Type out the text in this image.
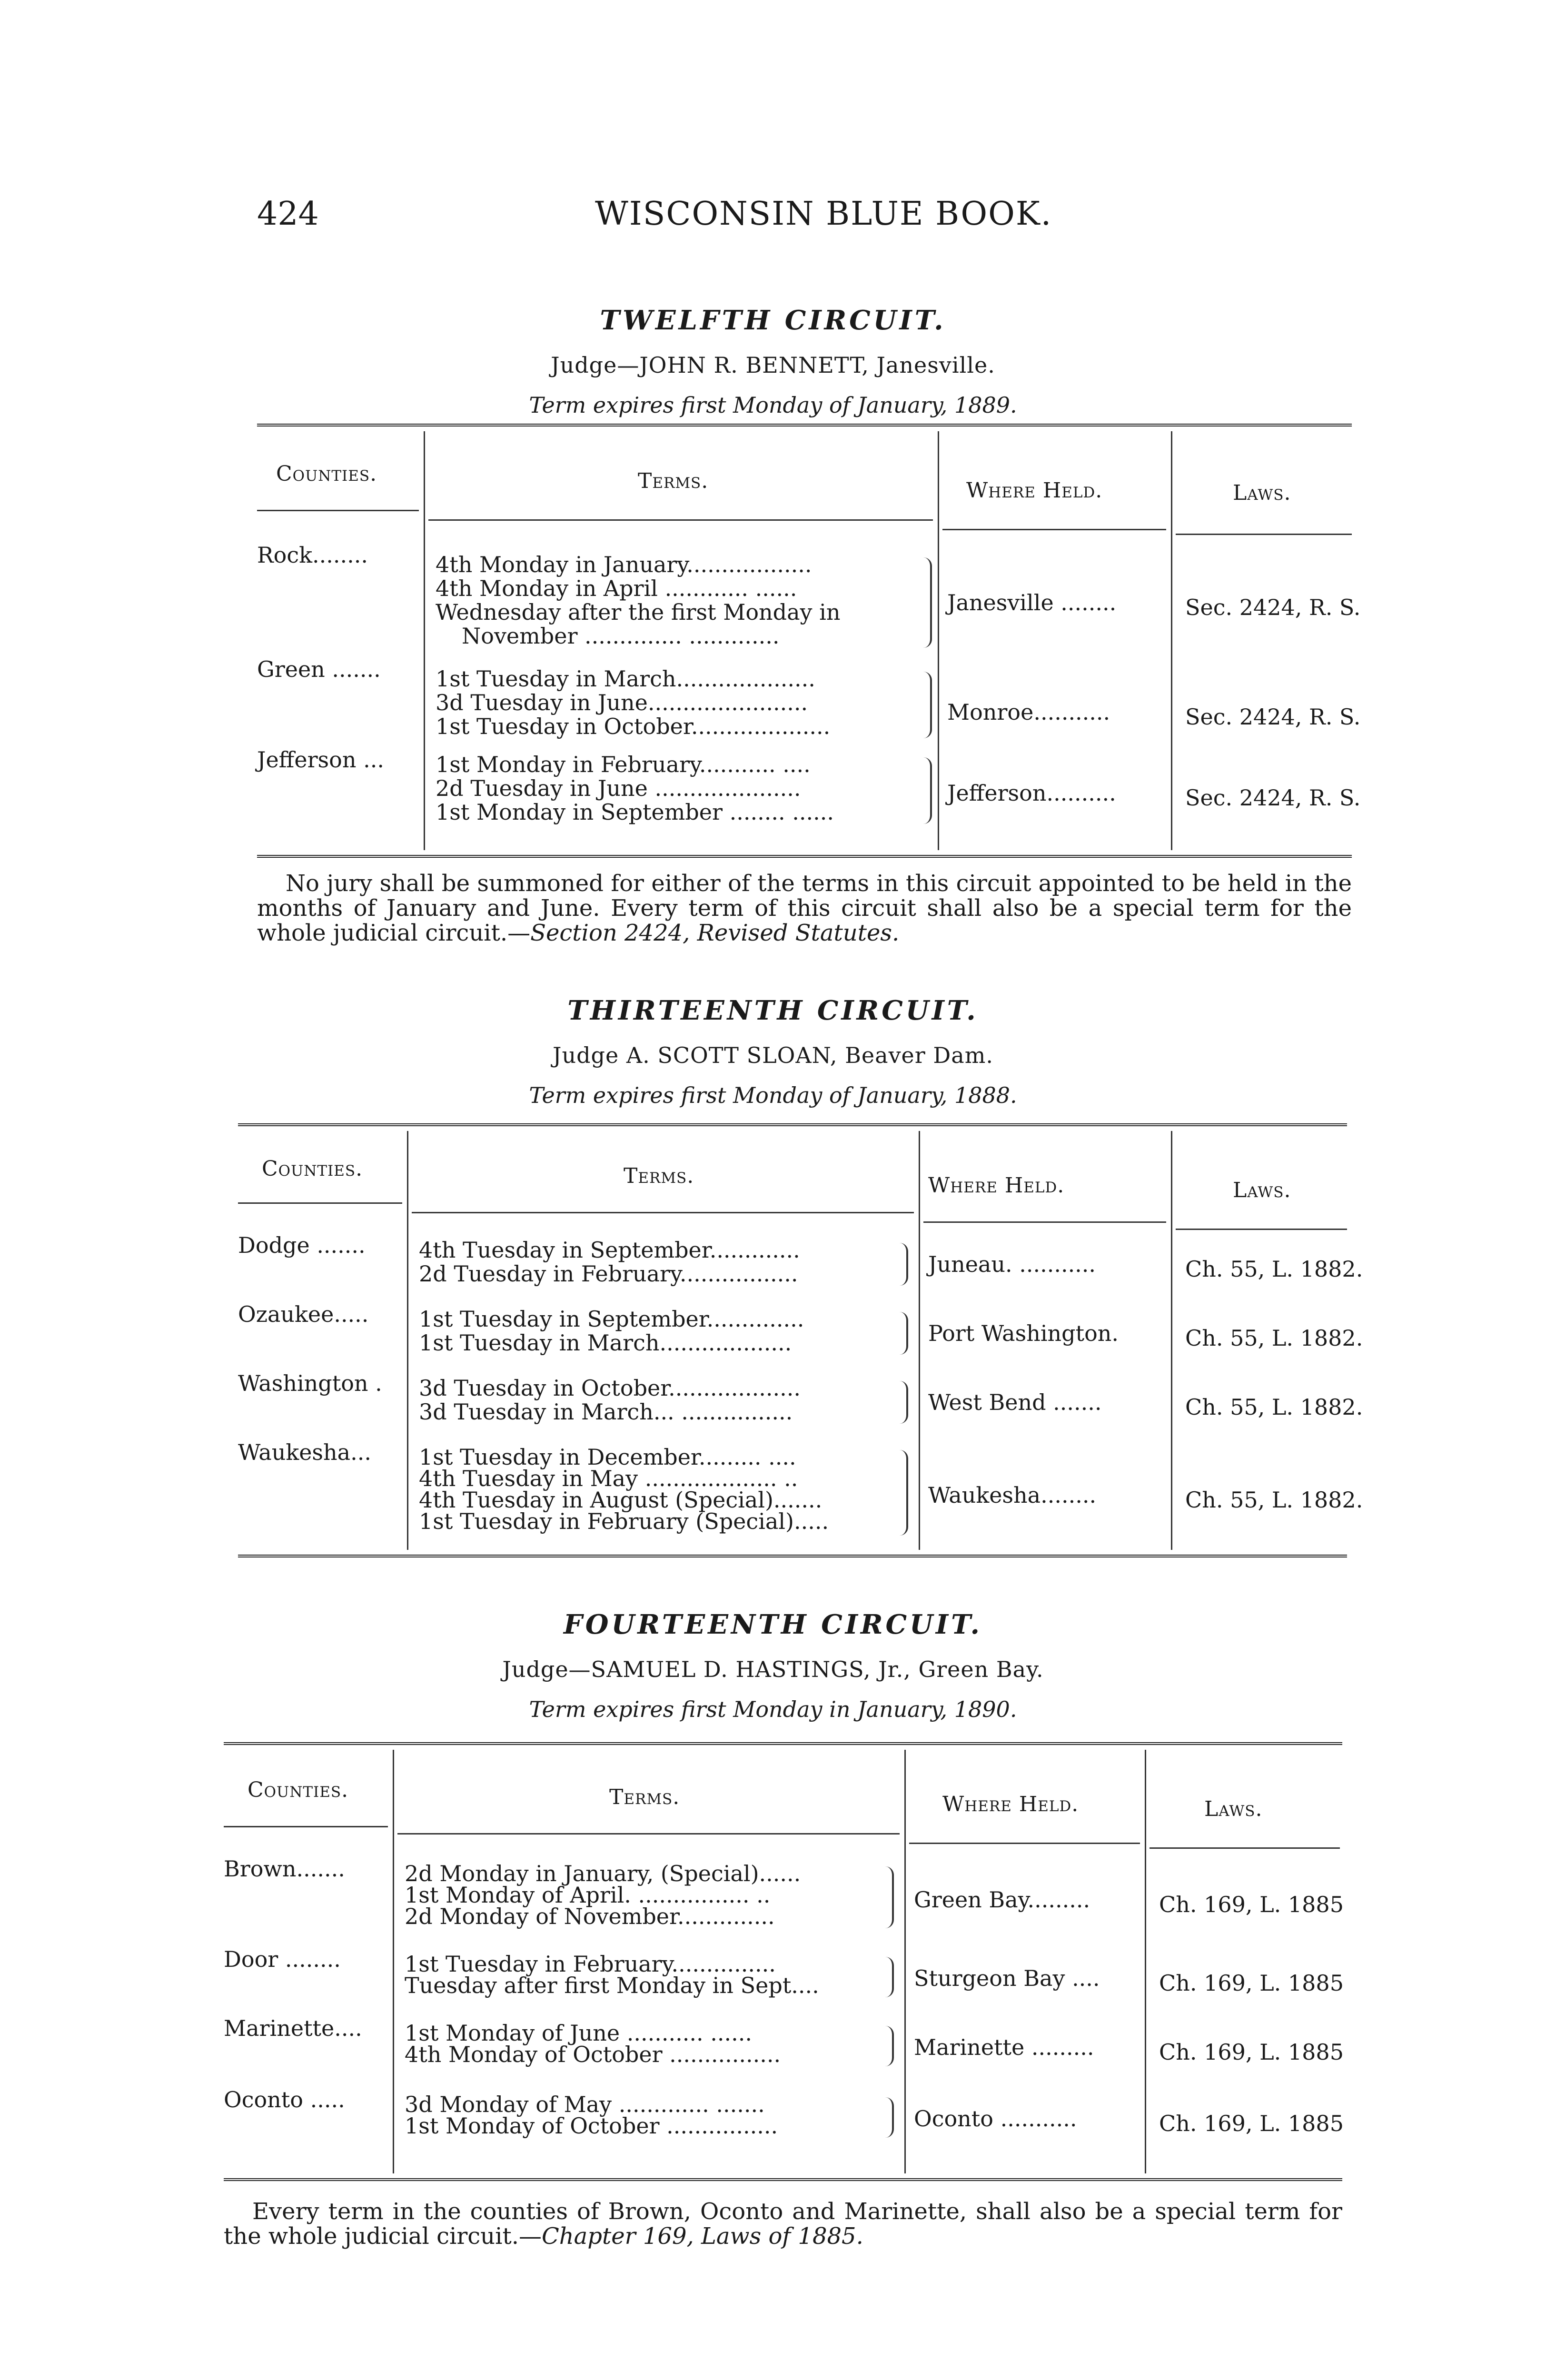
424	WISCONSIN BLUE BOOK.

TWELFTH CIRCUIT.

Judge—JOHN R. BENNETT, Janesville.
Term expires first Monday of January, 1889.
Counties.	Terms.	Where Held.	Laws.
Rock........	4th Monday in January..................
4th Monday in April ............ ......
Wednesday after the first Monday in
November .............. .............
Janesville ........	Sec. 2424, R. S.
Green .......	1st Tuesday in March....................
3d Tuesday in June.......................
1st Tuesday in October....................
Monroe...........	Sec. 2424, R. S.
Jefferson ... 1st Monday in February........... ....
2d Tuesday in June .....................
1st Monday in September ........ ......
Jefferson..........	Sec. 2424, R. S.
No jury shall be summoned for either of the terms in this circuit appointed to be held in the months of January and June. Every term of this circuit shall also be a special term for the whole judicial circuit.—Section 2424, Revised Statutes.

THIRTEENTH CIRCUIT.

Judge A. SCOTT SLOAN, Beaver Dam.
Term expires first Monday of January, 1888.
Counties.	Terms.	Where Held.	Laws.
Dodge ....... 4th Tuesday in September.............
2d Tuesday in February.................	Juneau. ...........	Ch. 55, L. 1882.
Ozaukee..... 1st Tuesday in September..............
1st Tuesday in March...................	Port Washington.	Ch. 55, L. 1882.
Washington . 3d Tuesday in October...................
3d Tuesday in March... ................	West Bend .......	Ch. 55, L. 1882.
Waukesha... 1st Tuesday in December......... ....
4th Tuesday in May ................... ..
4th Tuesday in August (Special).......
1st Tuesday in February (Special).....
Waukesha........	Ch. 55, L. 1882.

FOURTEENTH CIRCUIT.

Judge—SAMUEL D. HASTINGS, Jr., Green Bay.
Term expires first Monday in January, 1890.
Counties.	Terms.	Where Held.	Laws.
Brown.......	2d Monday in January, (Special)......
1st Monday of April. ................ ..
2d Monday of November..............
Green Bay.........	Ch. 169, L. 1885
Door ........	1st Tuesday in February...............
Tuesday after first Monday in Sept....	Sturgeon Bay ....	Ch. 169, L. 1885
Marinette.... 1st Monday of June ........... ......
4th Monday of October ................	Marinette .........	Ch. 169, L. 1885
Oconto .....	3d Monday of May ............. .......
1st Monday of October ................	Oconto ...........	Ch. 169, L. 1885
Every term in the counties of Brown, Oconto and Marinette, shall also be a special term for the whole judicial circuit.—Chapter 169, Laws of 1885.
